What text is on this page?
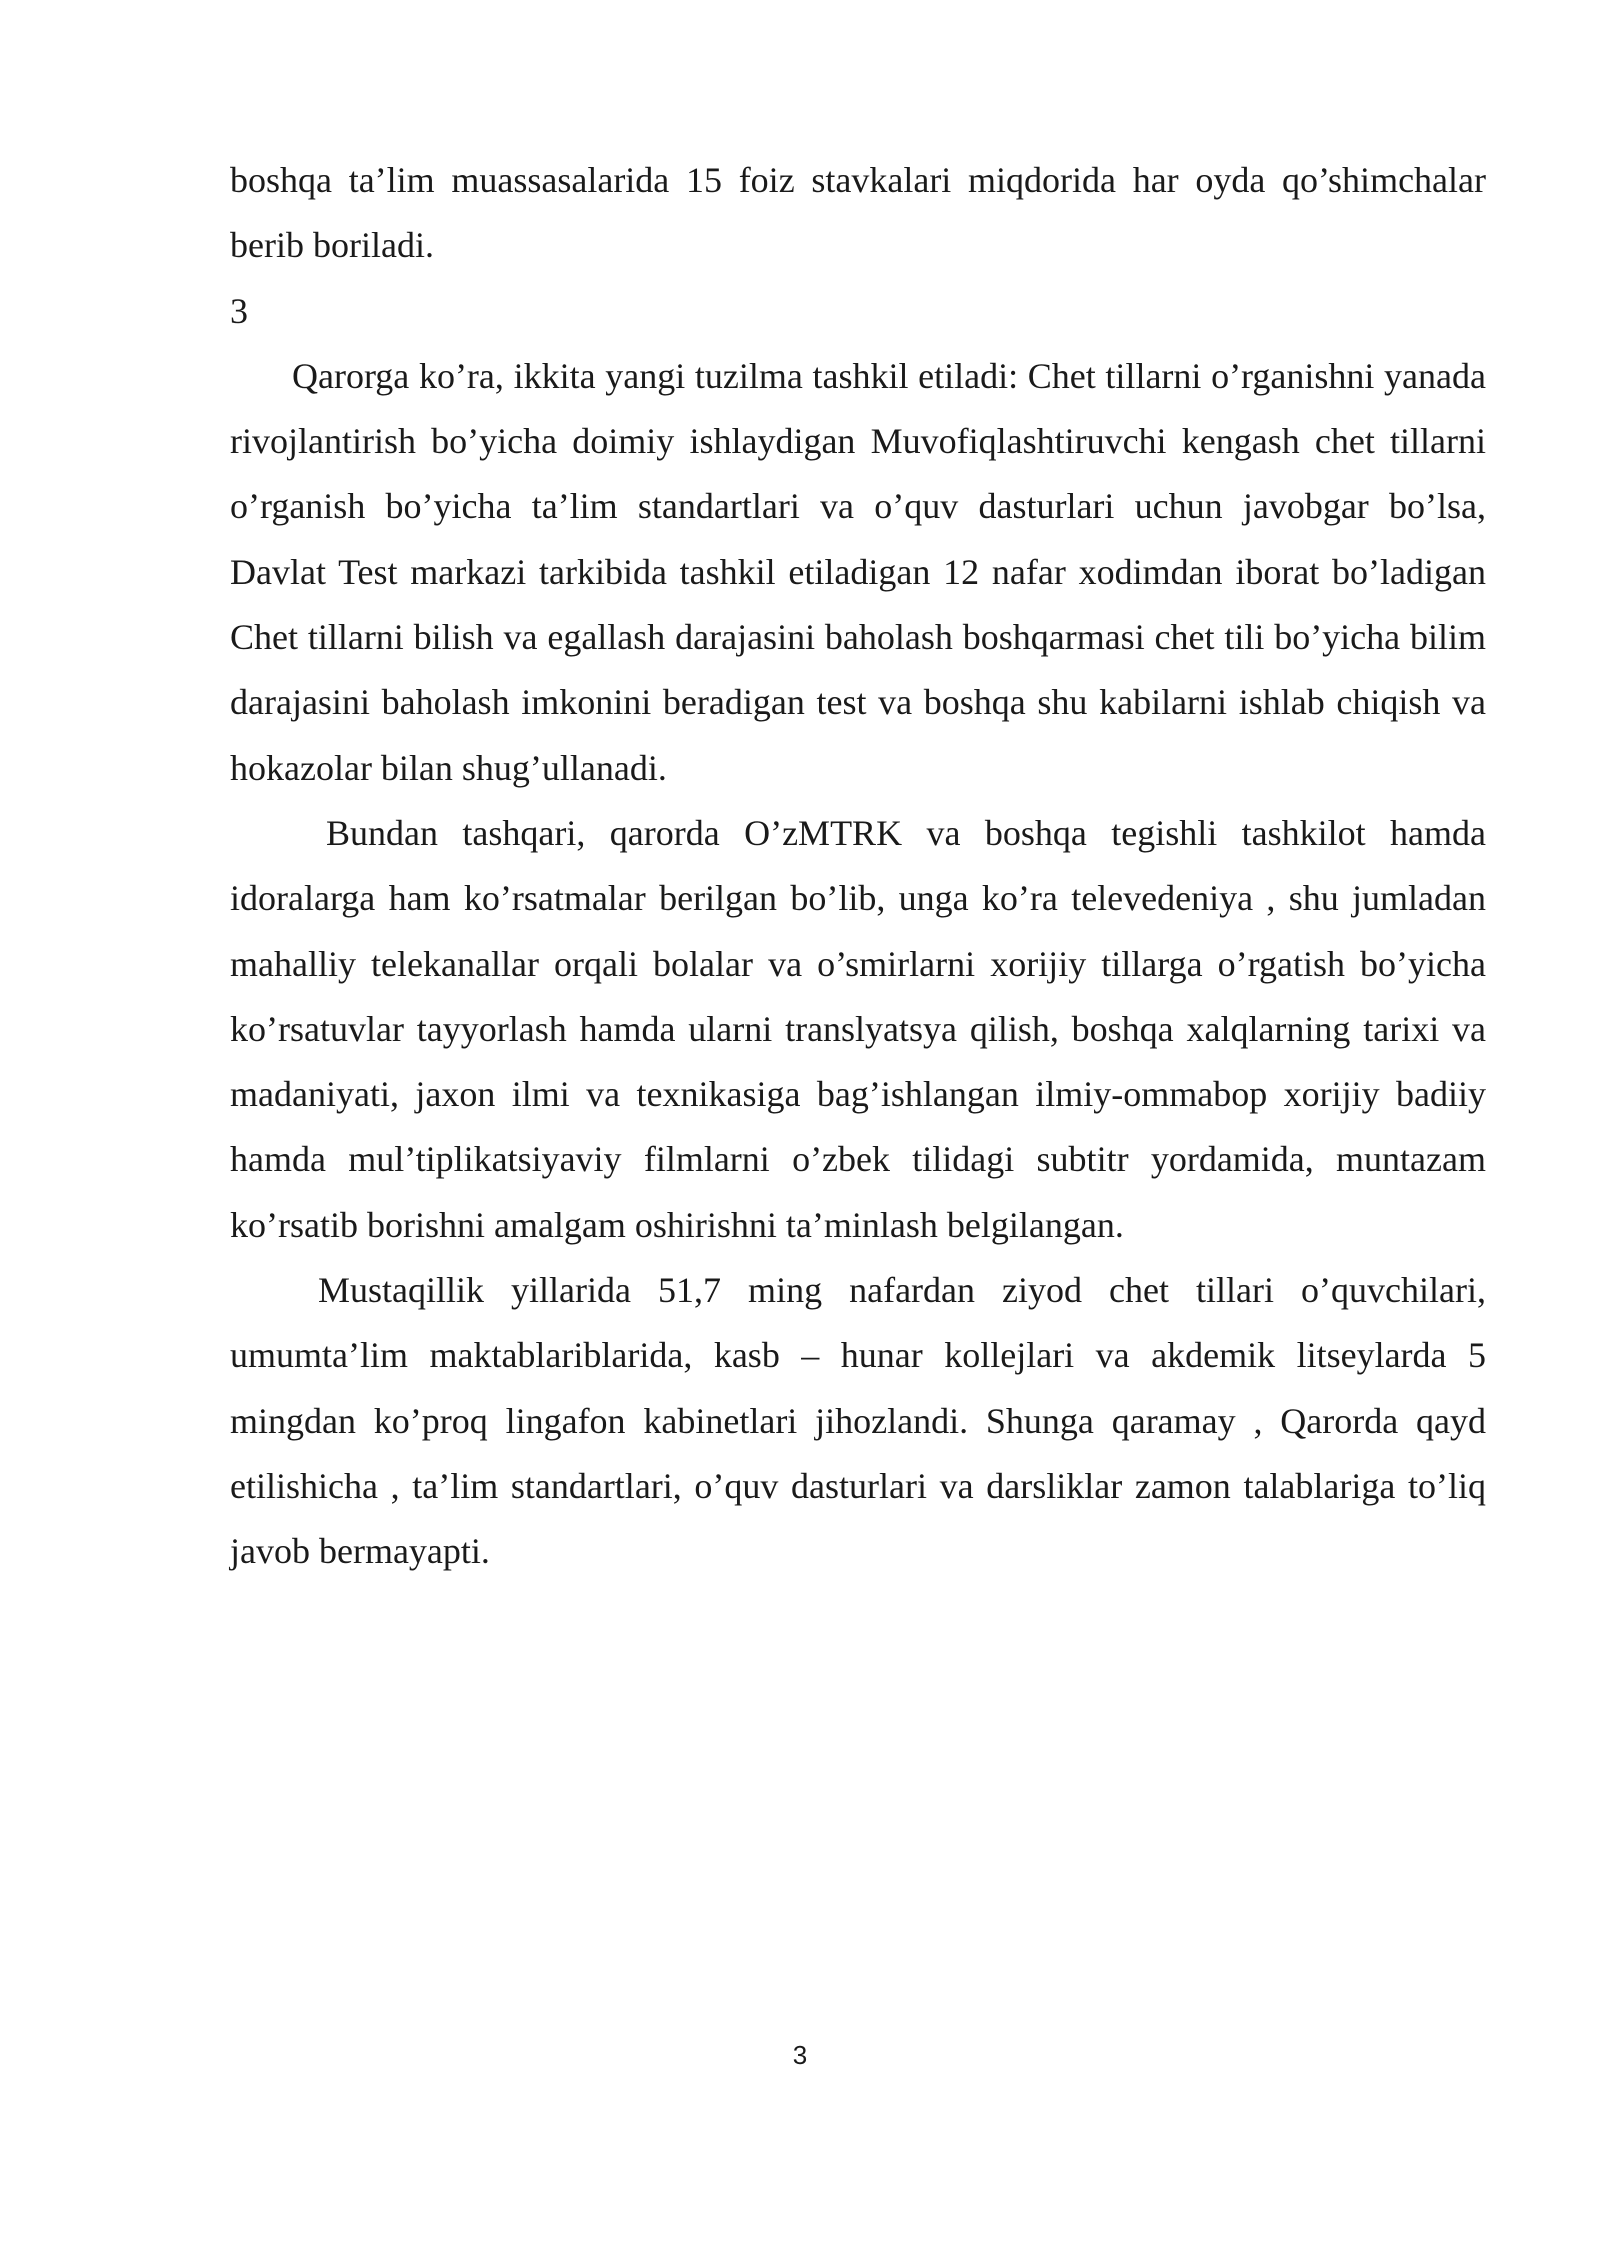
boshqa ta’lim muassasalarida 15 foiz stavkalari miqdorida har oyda qo’shimchalar berib boriladi.

3

Qarorga ko’ra, ikkita yangi tuzilma tashkil etiladi: Chet tillarni o’rganishni yanada rivojlantirish bo’yicha doimiy ishlaydigan Muvofiqlashtiruvchi kengash chet tillarni o’rganish bo’yicha ta’lim standartlari va o’quv dasturlari uchun javobgar bo’lsa, Davlat Test markazi tarkibida tashkil etiladigan 12 nafar xodimdan iborat bo’ladigan Chet tillarni bilish va egallash darajasini baholash boshqarmasi chet tili bo’yicha bilim darajasini baholash imkonini beradigan test va boshqa shu kabilarni ishlab chiqish va hokazolar bilan shug’ullanadi.

Bundan tashqari, qarorda O’zMTRK va boshqa tegishli tashkilot hamda idoralarga ham ko’rsatmalar berilgan bo’lib, unga ko’ra televedeniya , shu jumladan mahalliy telekanallar orqali bolalar va o’smirlarni xorijiy tillarga o’rgatish bo’yicha ko’rsatuvlar tayyorlash hamda ularni translyatsya qilish, boshqa xalqlarning tarixi va madaniyati, jaxon ilmi va texnikasiga bag’ishlangan ilmiy-ommabop xorijiy badiiy hamda mul’tiplikatsiyaviy filmlarni o’zbek tilidagi subtitr yordamida, muntazam ko’rsatib borishni amalgam oshirishni ta’minlash belgilangan.

Mustaqillik yillarida 51,7 ming nafardan ziyod chet tillari o’quvchilari, umumta’lim maktablariblarida, kasb – hunar kollejlari va akdemik litseylarda 5 mingdan ko’proq lingafon kabinetlari jihozlandi. Shunga qaramay , Qarorda qayd etilishicha , ta’lim standartlari, o’quv dasturlari va darsliklar zamon talablariga to’liq javob bermayapti.

3
